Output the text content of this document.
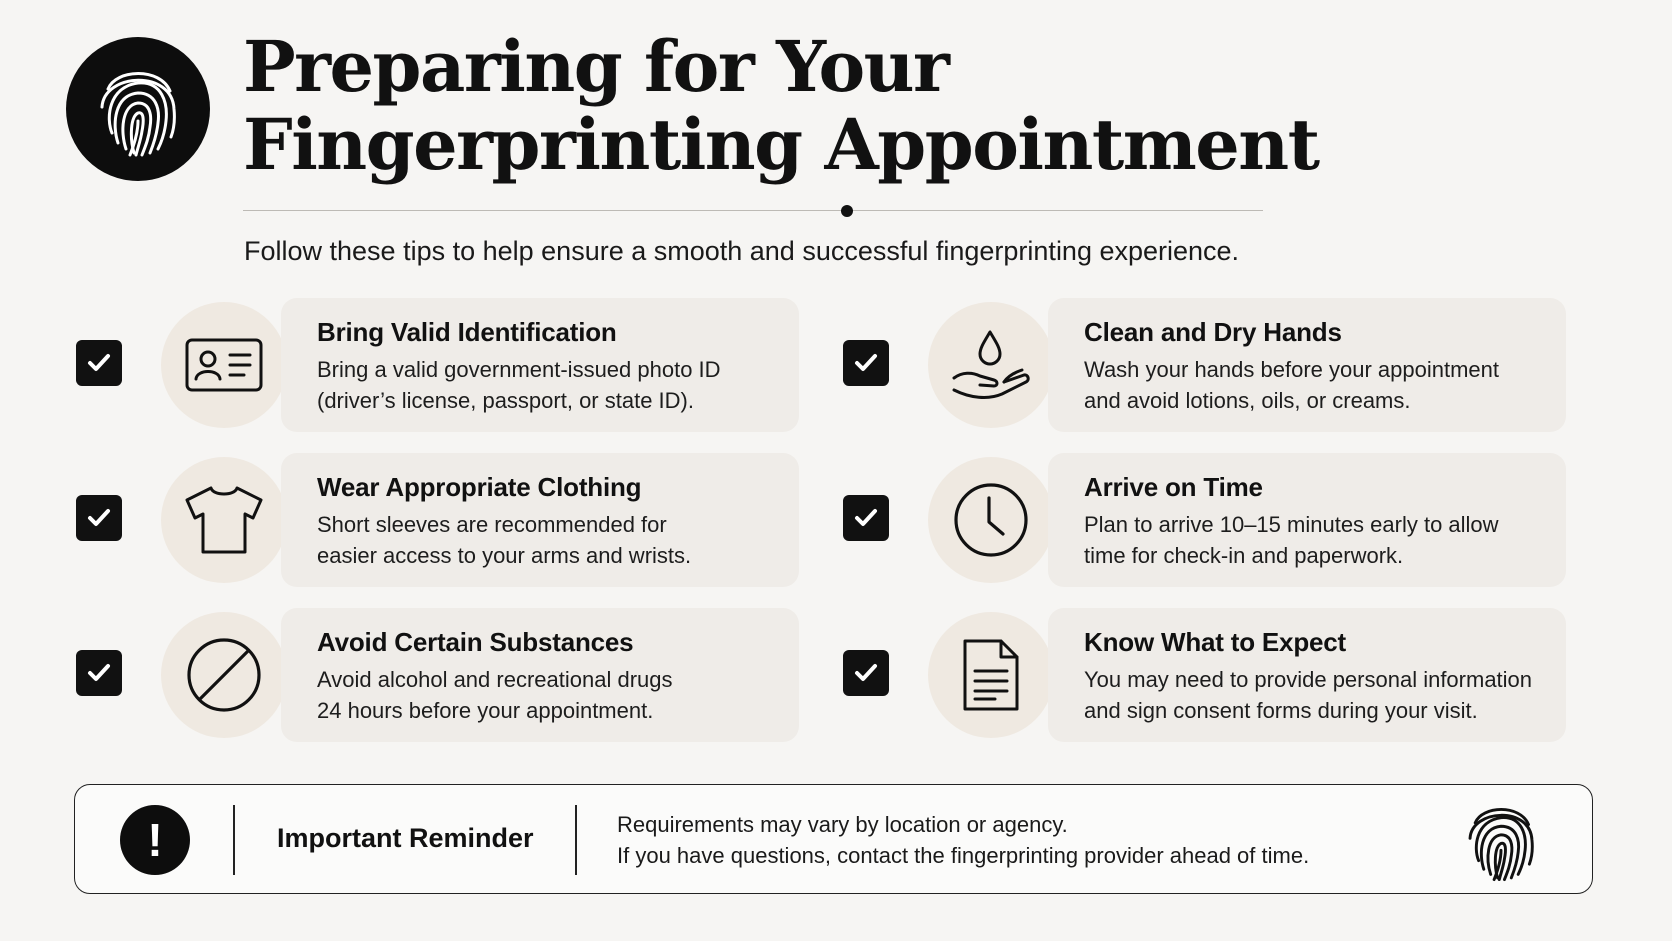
Preparing for Your
Fingerprinting Appointment
Follow these tips to help ensure a smooth and successful fingerprinting experience.
Bring Valid Identification

Bring a valid government-issued photo ID
(driver’s license, passport, or state ID).

Clean and Dry Hands

Wash your hands before your appointment
and avoid lotions, oils, or creams.

Wear Appropriate Clothing

Short sleeves are recommended for
easier access to your arms and wrists.

Arrive on Time

Plan to arrive 10–15 minutes early to allow
time for check-in and paperwork.

Avoid Certain Substances

Avoid alcohol and recreational drugs
24 hours before your appointment.

Know What to Expect

You may need to provide personal information
and sign consent forms during your visit.

!	Important Reminder	Requirements may vary by location or agency.
If you have questions, contact the fingerprinting provider ahead of time.
